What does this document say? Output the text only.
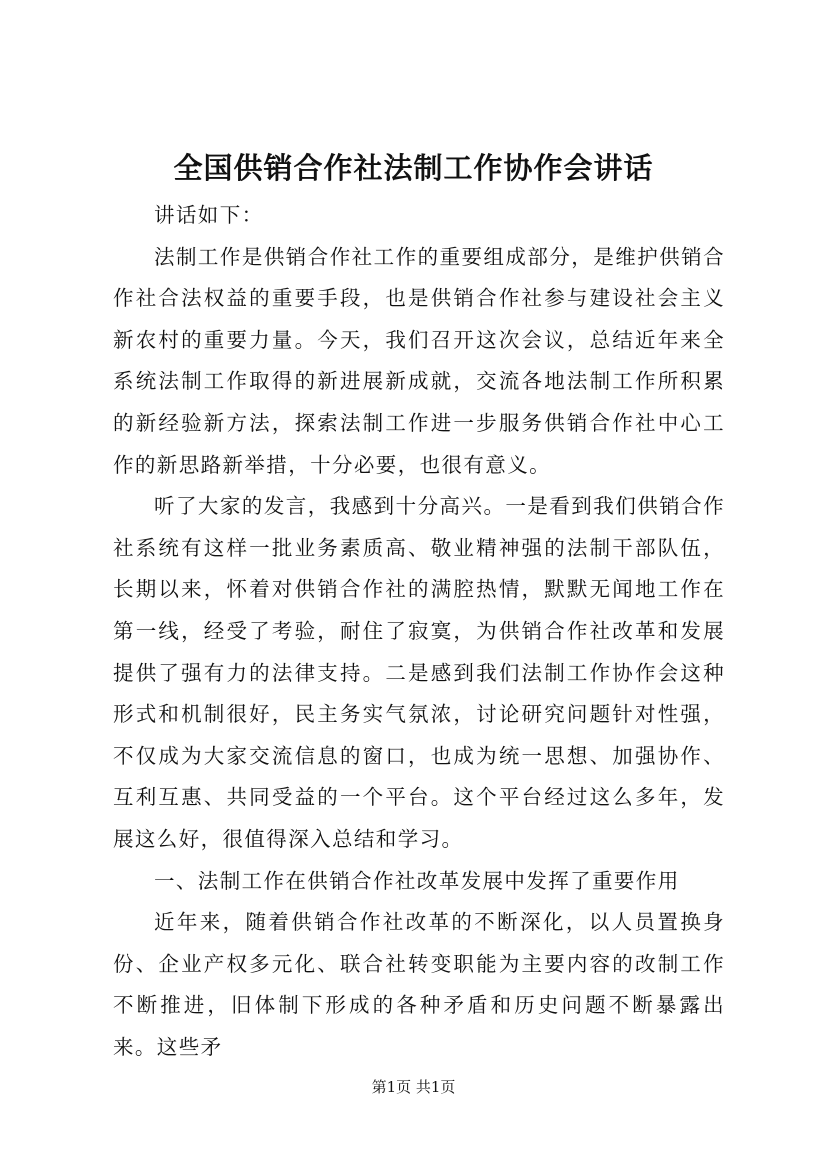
全国供销合作社法制工作协作会讲话

讲话如下：

法制工作是供销合作社工作的重要组成部分，是维护供销合作社合法权益的重要手段，也是供销合作社参与建设社会主义新农村的重要力量。今天，我们召开这次会议，总结近年来全系统法制工作取得的新进展新成就，交流各地法制工作所积累的新经验新方法，探索法制工作进一步服务供销合作社中心工作的新思路新举措，十分必要，也很有意义。

听了大家的发言，我感到十分高兴。一是看到我们供销合作社系统有这样一批业务素质高、敬业精神强的法制干部队伍，长期以来，怀着对供销合作社的满腔热情，默默无闻地工作在第一线，经受了考验，耐住了寂寞，为供销合作社改革和发展提供了强有力的法律支持。二是感到我们法制工作协作会这种形式和机制很好，民主务实气氛浓，讨论研究问题针对性强，不仅成为大家交流信息的窗口，也成为统一思想、加强协作、互利互惠、共同受益的一个平台。这个平台经过这么多年，发展这么好，很值得深入总结和学习。

一、法制工作在供销合作社改革发展中发挥了重要作用

近年来，随着供销合作社改革的不断深化，以人员置换身份、企业产权多元化、联合社转变职能为主要内容的改制工作不断推进，旧体制下形成的各种矛盾和历史问题不断暴露出来。这些矛

第1页 共1页
